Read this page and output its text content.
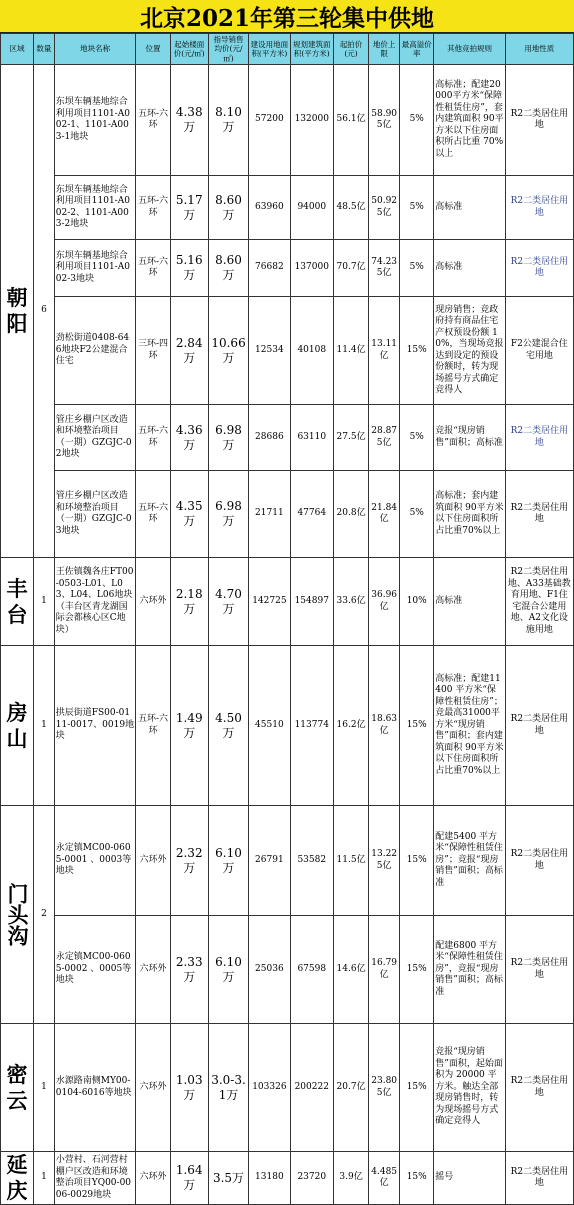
北京2021年第三轮集中供地
区域	数量	地块名称	位置	起始楼面价(元/㎡)	指导销售均价(元/㎡)	建设用地面积(平方米)	规划建筑面积(平方米)	起拍价(元)	地价上限	最高溢价率	其他竞拍规则	用地性质
朝阳	6	东坝车辆基地综合利用项目1101-A002-1、1101-A003-1地块	五环-六环	4.38万	8.10万	57200	132000	56.1亿	58.905亿	5%	高标准；配建20000平方米“保障性租赁住房”，套内建筑面积 90平方米以下住房面积所占比重 70%以上	R2二类居住用地
		东坝车辆基地综合利用项目1101-A002-2、1101-A003-2地块	五环-六环	5.17万	8.60万	63960	94000	48.5亿	50.925亿	5%	高标准	R2二类居住用地
		东坝车辆基地综合利用项目1101-A002-3地块	五环-六环	5.16万	8.60万	76682	137000	70.7亿	74.235亿	5%	高标准	R2二类居住用地
		劲松街道0408-646地块F2公建混合住宅	三环-四环	2.84万	10.66万	12534	40108	11.4亿	13.11亿	15%	现房销售；竞政府持有商品住宅产权预设份额 10%，当现场竞报达到设定的预设份额时，转为现场摇号方式确定竞得人	F2公建混合住宅用地
		管庄乡棚户区改造和环境整治项目（一期）GZGJC-02地块	五环-六环	4.36万	6.98万	28686	63110	27.5亿	28.875亿	5%	竞报“现房销售”面积；高标准	R2二类居住用地
		管庄乡棚户区改造和环境整治项目（一期）GZGJC-03地块	五环-六环	4.35万	6.98万	21711	47764	20.8亿	21.84亿	5%	高标准；套内建筑面积 90平方米以下住房面积所占比重70%以上	R2二类居住用地
丰台	1	王佐镇魏各庄FT00-0503-L01、L03、L04、L06地块（丰台区青龙湖国际会都核心区C地块）	六环外	2.18万	4.70万	142725	154897	33.6亿	36.96亿	10%	高标准	R2二类居住用地、A33基础教育用地、F1住宅混合公建用地、A2文化设施用地
房山	1	拱辰街道FS00-0111-0017、0019地块	五环-六环	1.49万	4.50万	45510	113774	16.2亿	18.63亿	15%	高标准；配建11400 平方米“保障性租赁住房”；竞最高31000平方米“现房销售”面积；套内建筑面积 90平方米以下住房面积所占比重70%以上	R2二类居住用地
门头沟	2	永定镇MC00-0605-0001 、0003等地块	六环外	2.32万	6.10万	26791	53582	11.5亿	13.225亿	15%	配建5400 平方米“保障性租赁住房”；竞报“现房销售”面积；高标准	R2二类居住用地
		永定镇MC00-0605-0002 、0005等地块	六环外	2.33万	6.10万	25036	67598	14.6亿	16.79亿	15%	配建6800 平方米“保障性租赁住房”，竞报“现房销售”面积；高标准	R2二类居住用地
密云	1	水源路南侧MY00-0104-6016等地块	六环外	1.03万	3.0-3.1万	103326	200222	20.7亿	23.805亿	15%	竞报“现房销售”面积，起始面积为 20000 平方米。触达全部现房销售时，转为现场摇号方式确定竞得人	R2二类居住用地
延庆	1	小营村、石河营村棚户区改造和环境整治项目YQ00-0006-0029地块	六环外	1.64万	3.5万	13180	23720	3.9亿	4.485亿	15%	摇号	R2二类居住用地
